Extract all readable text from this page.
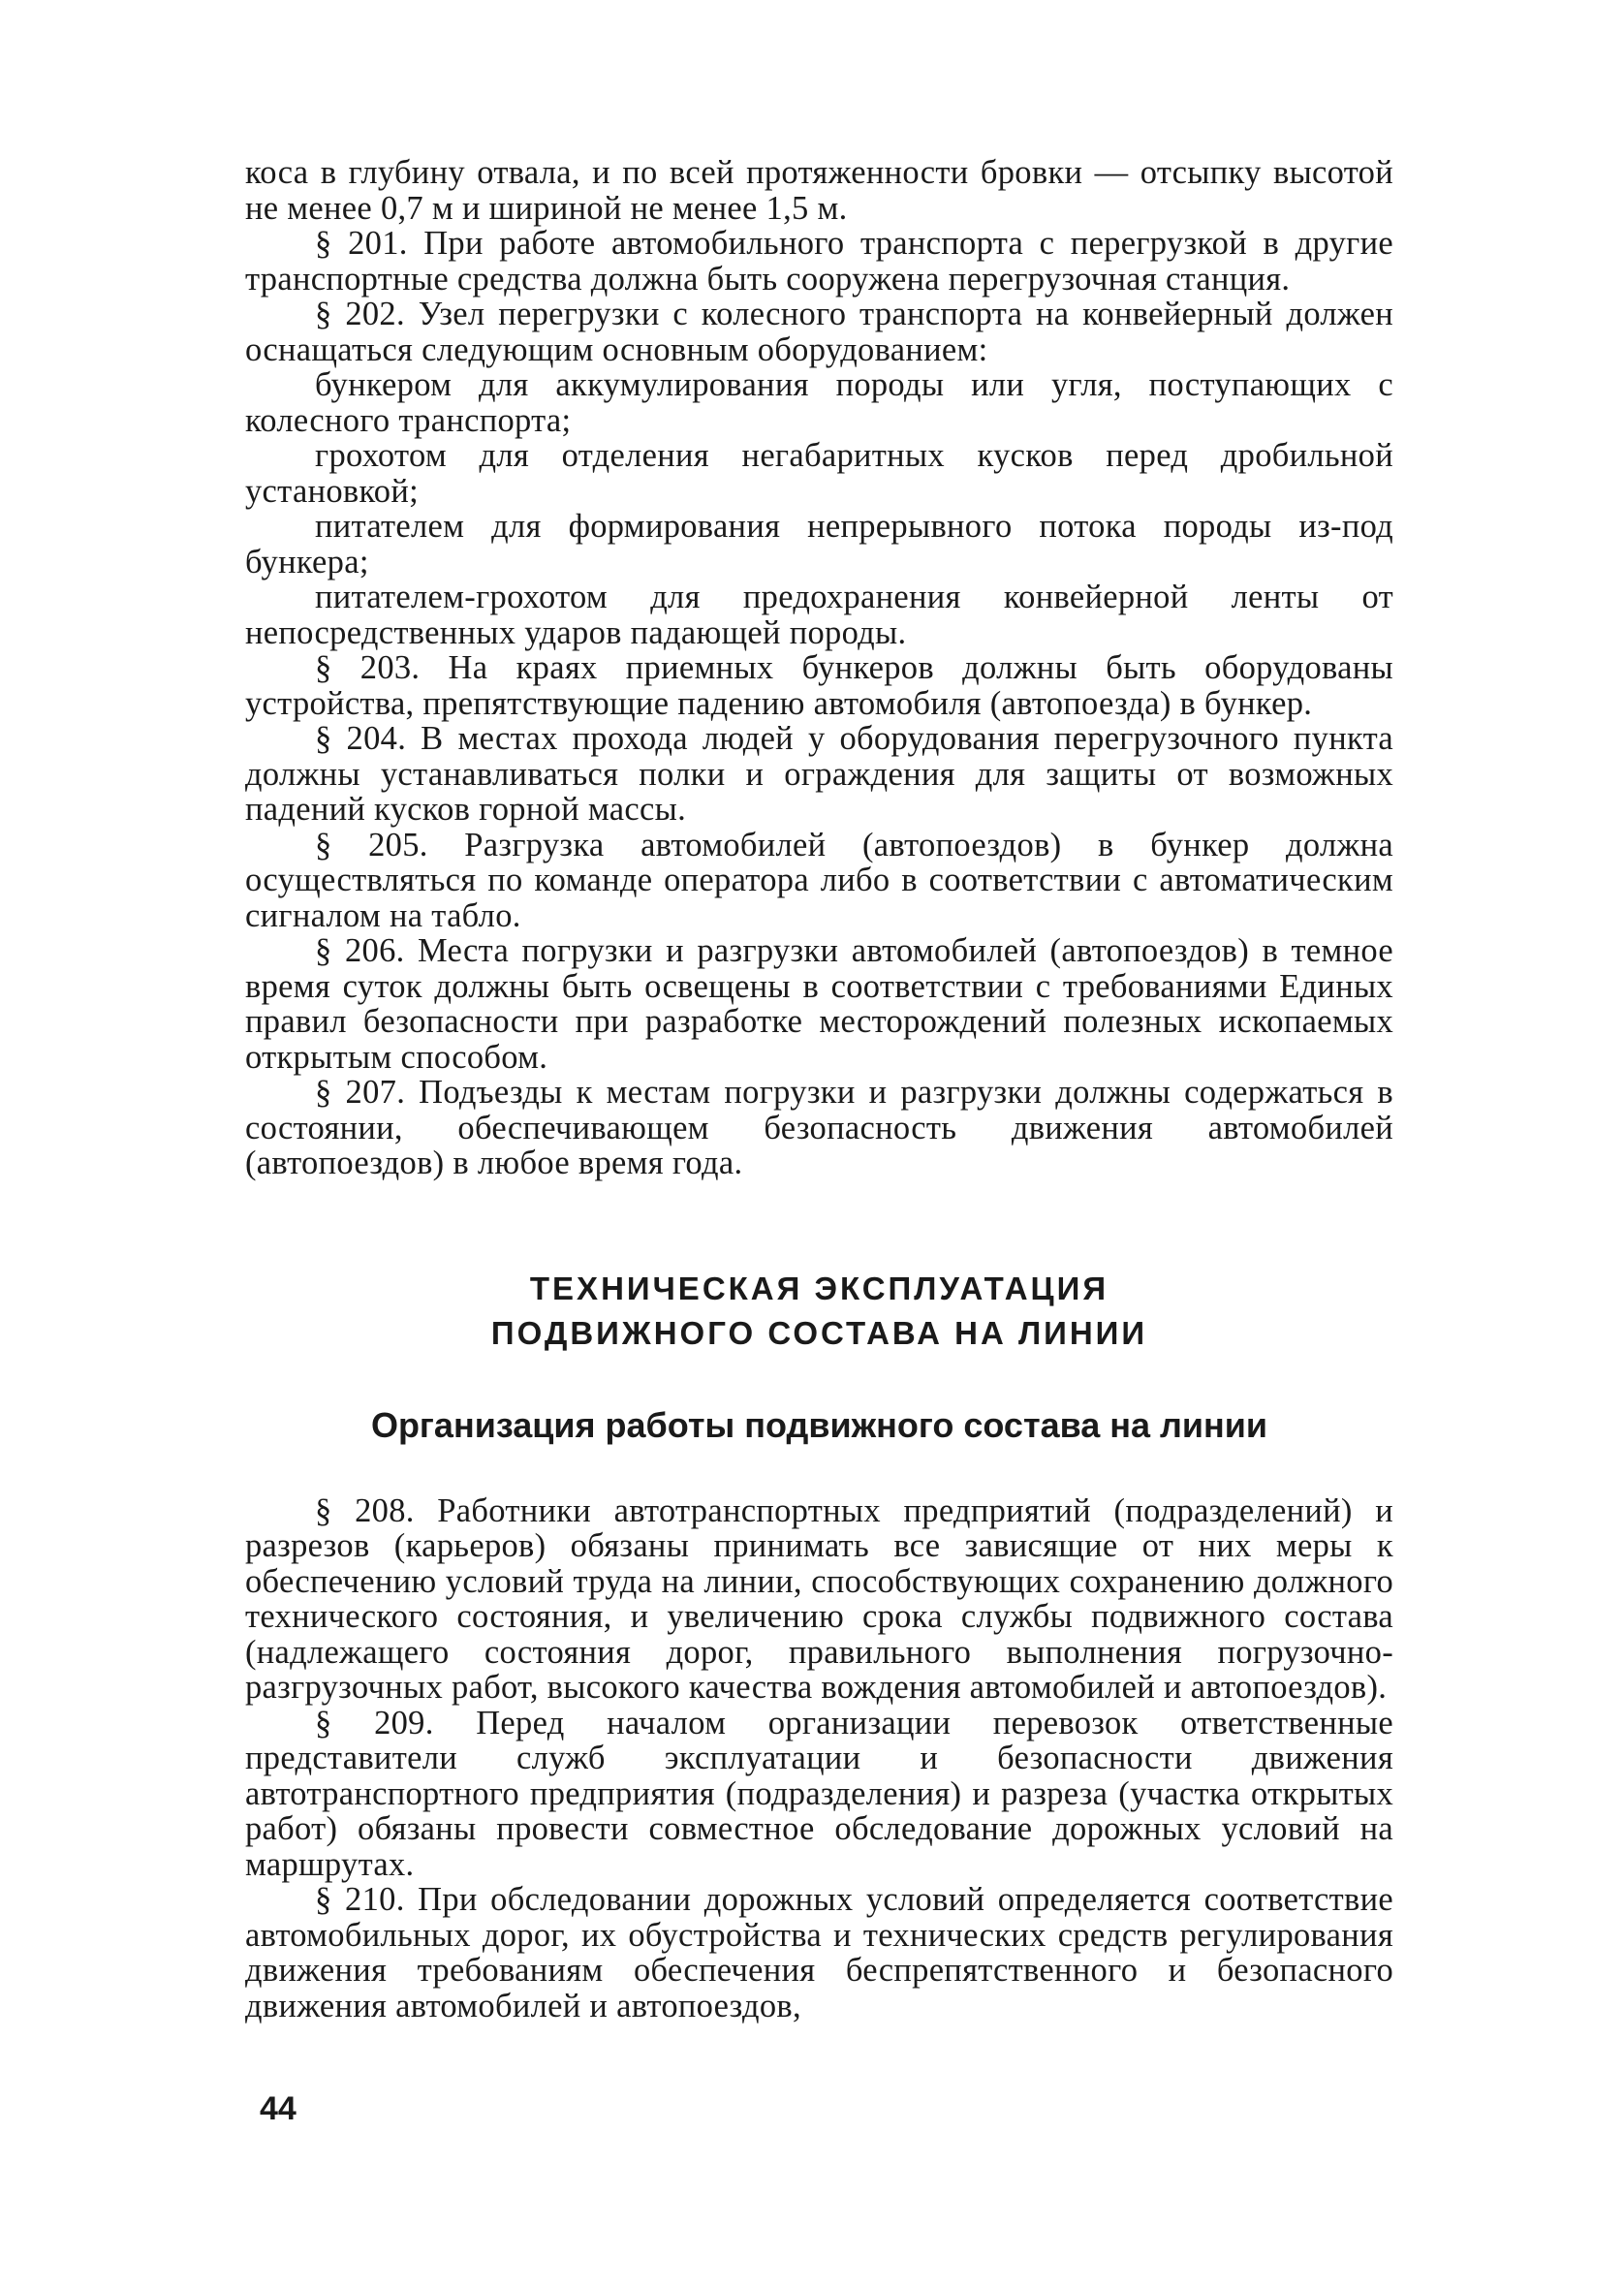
коса в глубину отвала, и по всей протяженности бровки — отсыпку высотой не менее 0,7 м и шириной не менее 1,5 м.

§ 201. При работе автомобильного транспорта с перегрузкой в другие транспортные средства должна быть сооружена перегрузочная станция.

§ 202. Узел перегрузки с колесного транспорта на конвейерный должен оснащаться следующим основным оборудованием:

бункером для аккумулирования породы или угля, поступающих с колесного транспорта;

грохотом для отделения негабаритных кусков перед дробильной установкой;

питателем для формирования непрерывного потока породы из-под бункера;

питателем-грохотом для предохранения конвейерной ленты от непосредственных ударов падающей породы.

§ 203. На краях приемных бункеров должны быть оборудованы устройства, препятствующие падению автомобиля (автопоезда) в бункер.

§ 204. В местах прохода людей у оборудования перегрузочного пункта должны устанавливаться полки и ограждения для защиты от возможных падений кусков горной массы.

§ 205. Разгрузка автомобилей (автопоездов) в бункер должна осуществляться по команде оператора либо в соответствии с автоматическим сигналом на табло.

§ 206. Места погрузки и разгрузки автомобилей (автопоездов) в темное время суток должны быть освещены в соответствии с требованиями Единых правил безопасности при разработке месторождений полезных ископаемых открытым способом.

§ 207. Подъезды к местам погрузки и разгрузки должны содержаться в состоянии, обеспечивающем безопасность движения автомобилей (автопоездов) в любое время года.

ТЕХНИЧЕСКАЯ ЭКСПЛУАТАЦИЯ
ПОДВИЖНОГО СОСТАВА НА ЛИНИИ
Организация работы подвижного состава на линии

§ 208. Работники автотранспортных предприятий (подразделений) и разрезов (карьеров) обязаны принимать все зависящие от них меры к обеспечению условий труда на линии, способствующих сохранению должного технического состояния, и увеличению срока службы подвижного состава (надлежащего состояния дорог, правильного выполнения погрузочно-разгрузочных работ, высокого качества вождения автомобилей и автопоездов).

§ 209. Перед началом организации перевозок ответственные представители служб эксплуатации и безопасности движения автотранспортного предприятия (подразделения) и разреза (участка открытых работ) обязаны провести совместное обследование дорожных условий на маршрутах.

§ 210. При обследовании дорожных условий определяется соответствие автомобильных дорог, их обустройства и технических средств регулирования движения требованиям обеспечения беспрепятственного и безопасного движения автомобилей и автопоездов,

44
